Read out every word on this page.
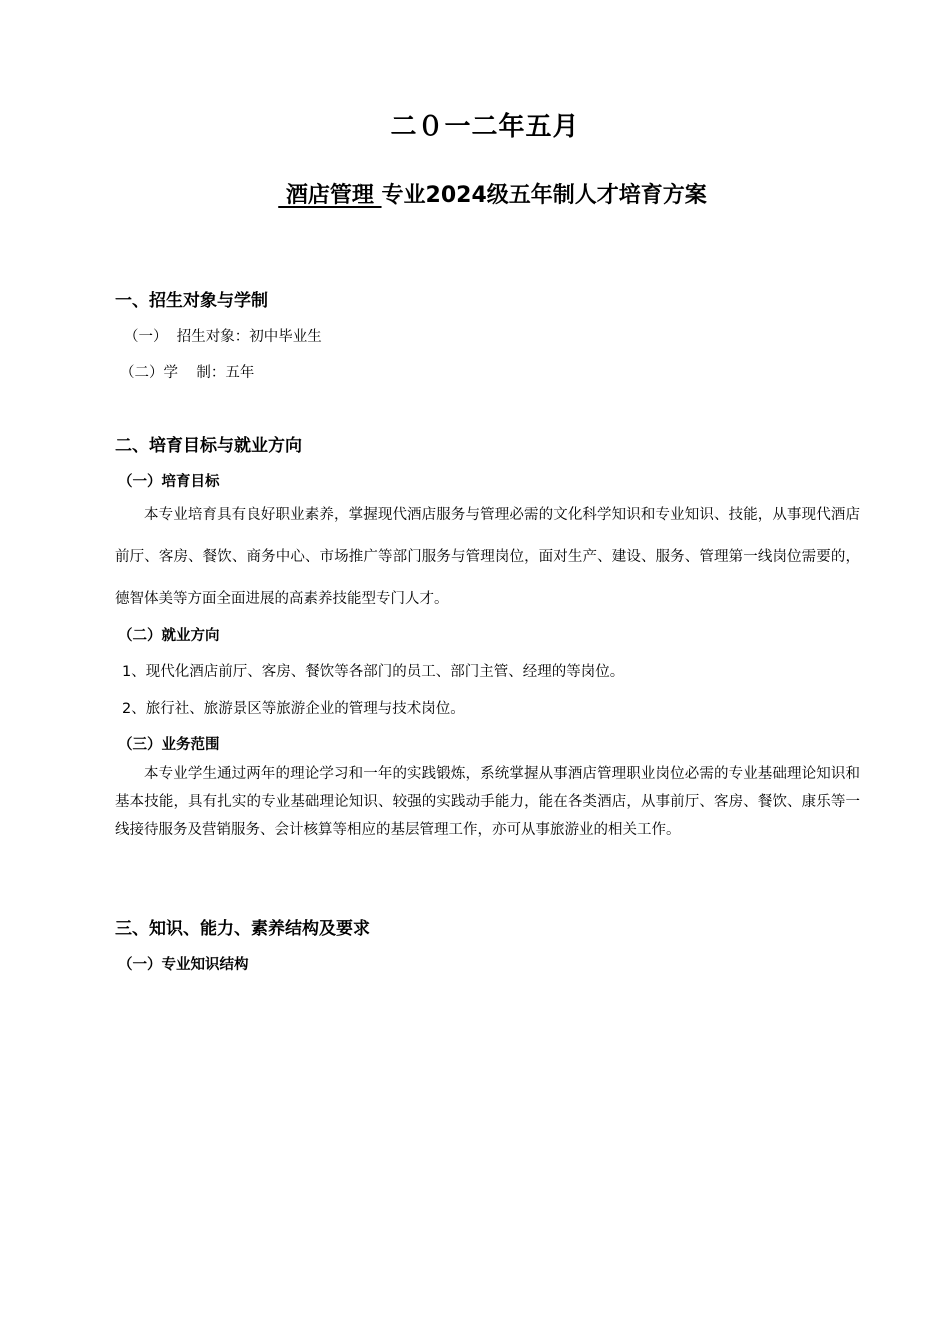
二０一二年五月
酒店管理 专业2024级五年制人才培育方案
一、招生对象与学制
（一）  招生对象：初中毕业生
（二）学    制：五年
二、培育目标与就业方向
（一）培育目标
本专业培育具有良好职业素养，掌握现代酒店服务与管理必需的文化科学知识和专业知识、技能，从事现代酒店前厅、客房、餐饮、商务中心、市场推广等部门服务与管理岗位，面对生产、建设、服务、管理第一线岗位需要的，德智体美等方面全面进展的高素养技能型专门人才。
（二）就业方向
1、现代化酒店前厅、客房、餐饮等各部门的员工、部门主管、经理的等岗位。
2、旅行社、旅游景区等旅游企业的管理与技术岗位。
（三）业务范围
本专业学生通过两年的理论学习和一年的实践锻炼，系统掌握从事酒店管理职业岗位必需的专业基础理论知识和基本技能，具有扎实的专业基础理论知识、较强的实践动手能力，能在各类酒店，从事前厅、客房、餐饮、康乐等一线接待服务及营销服务、会计核算等相应的基层管理工作，亦可从事旅游业的相关工作。
三、知识、能力、素养结构及要求
（一）专业知识结构
